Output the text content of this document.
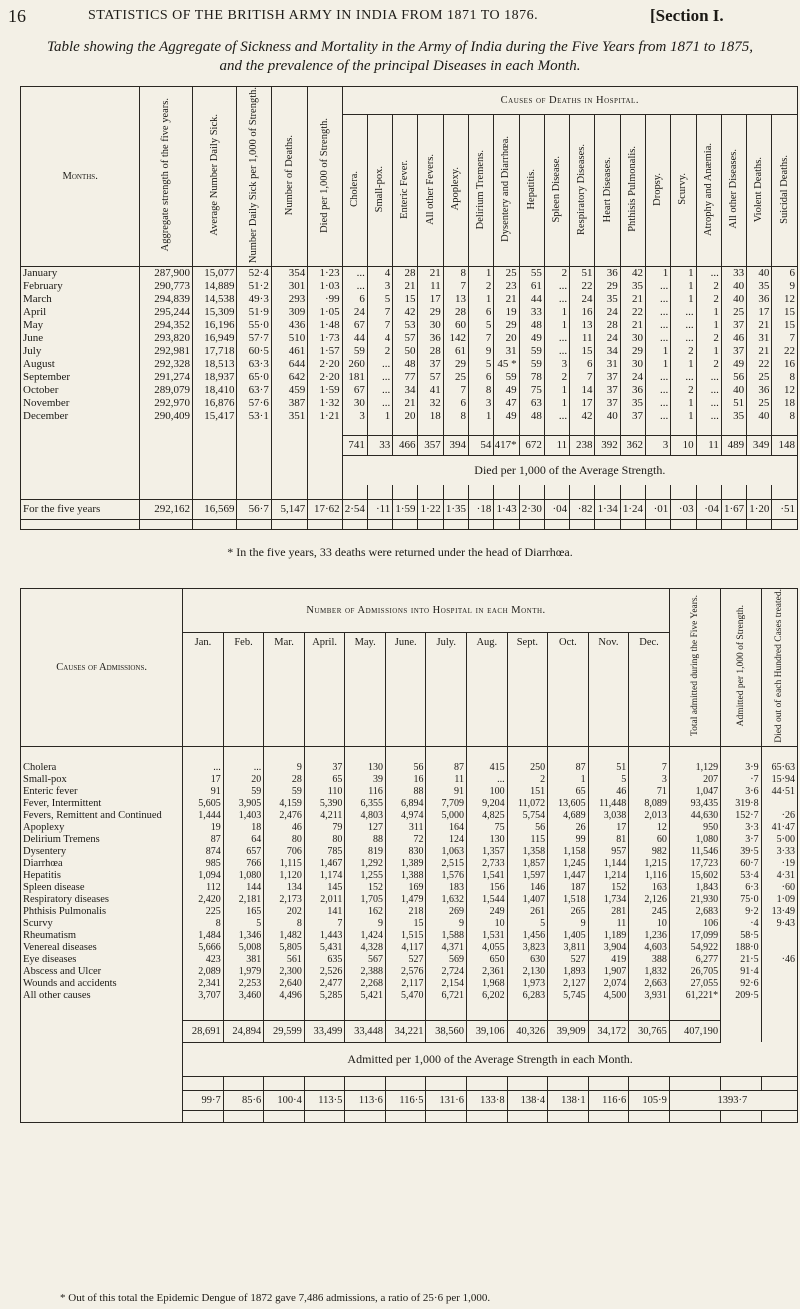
16	STATISTICS OF THE BRITISH ARMY IN INDIA FROM 1871 TO 1876.	[Section I.
Table showing the Aggregate of Sickness and Mortality in the Army of India during the Five Years from 1871 to 1875,
and the prevalence of the principal Diseases in each Month.
Months.	Aggregate strength of the five years.	Average Number Daily Sick.	Number Daily Sick per 1,000 of Strength.	Number of Deaths.	Died per 1,000 of Strength.	Causes of Deaths in Hospital.																	
						Cholera.	Small-pox.	Enteric Fever.	All other Fevers.	Apoplexy.	Delirium Tremens.	Dysentery and Diarrhœa.	Hepatitis.	Spleen Disease.	Respiratory Diseases.	Heart Diseases.	Phthisis Pulmonalis.	Dropsy.	Scurvy.	Atrophy and Anæmia.	All other Diseases.	Violent Deaths.	Suicidal Deaths.
January	287,900	15,077	52·4	354	1·23	...	4	28	21	8	1	25	55	2	51	36	42	1	1	...	33	40	6
February	290,773	14,889	51·2	301	1·03	...	3	21	11	7	2	23	61	...	22	29	35	...	1	2	40	35	9
March	294,839	14,538	49·3	293	·99	6	5	15	17	13	1	21	44	...	24	35	21	...	1	2	40	36	12
April	295,244	15,309	51·9	309	1·05	24	7	42	29	28	6	19	33	1	16	24	22	...	...	1	25	17	15
May	294,352	16,196	55·0	436	1·48	67	7	53	30	60	5	29	48	1	13	28	21	...	...	1	37	21	15
June	293,820	16,949	57·7	510	1·73	44	4	57	36	142	7	20	49	...	11	24	30	...	...	2	46	31	7
July	292,981	17,718	60·5	461	1·57	59	2	50	28	61	9	31	59	...	15	34	29	1	2	1	37	21	22
August	292,328	18,513	63·3	644	2·20	260	...	48	37	29	5	45 *	59	3	6	31	30	1	1	2	49	22	16
September	291,274	18,937	65·0	642	2·20	181	...	77	57	25	6	59	78	2	7	37	24	...	...	...	56	25	8
October	289,079	18,410	63·7	459	1·59	67	...	34	41	7	8	49	75	1	14	37	36	...	2	...	40	36	12
November	292,970	16,876	57·6	387	1·32	30	...	21	32	6	3	47	63	1	17	37	35	...	1	...	51	25	18
December	290,409	15,417	53·1	351	1·21	3	1	20	18	8	1	49	48	...	42	40	37	...	1	...	35	40	8

						741	33	466	357	394	54	417*	672	11	238	392	362	3	10	11	489	349	148
						Died per 1,000 of the Average Strength.																	

For the five years	292,162	16,569	56·7	5,147	17·62	2·54	·11	1·59	1·22	1·35	·18	1·43	2·30	·04	·82	1·34	1·24	·01	·03	·04	1·67	1·20	·51

* In the five years, 33 deaths were returned under the head of Diarrhœa.
Causes of Admissions.	Number of Admissions into Hospital in each Month.												Total admitted during the Five Years.	Admitted per 1,000 of Strength.	Died out of each Hundred Cases treated.
	Jan.	Feb.	Mar.	April.	May.	June.	July.	Aug.	Sept.	Oct.	Nov.	Dec.			

Cholera	...	...	9	37	130	56	87	415	250	87	51	7	1,129	3·9	65·63
Small-pox	17	20	28	65	39	16	11	...	2	1	5	3	207	·7	15·94
Enteric fever	91	59	59	110	116	88	91	100	151	65	46	71	1,047	3·6	44·51
Fever, Intermittent	5,605	3,905	4,159	5,390	6,355	6,894	7,709	9,204	11,072	13,605	11,448	8,089	93,435	319·8	
Fevers, Remittent and Continued	1,444	1,403	2,476	4,211	4,803	4,974	5,000	4,825	5,754	4,689	3,038	2,013	44,630	152·7	·26
Apoplexy	19	18	46	79	127	311	164	75	56	26	17	12	950	3·3	41·47
Delirium Tremens	87	64	80	80	88	72	124	130	115	99	81	60	1,080	3·7	5·00
Dysentery	874	657	706	785	819	830	1,063	1,357	1,358	1,158	957	982	11,546	39·5	3·33
Diarrhœa	985	766	1,115	1,467	1,292	1,389	2,515	2,733	1,857	1,245	1,144	1,215	17,723	60·7	·19
Hepatitis	1,094	1,080	1,120	1,174	1,255	1,388	1,576	1,541	1,597	1,447	1,214	1,116	15,602	53·4	4·31
Spleen disease	112	144	134	145	152	169	183	156	146	187	152	163	1,843	6·3	·60
Respiratory diseases	2,420	2,181	2,173	2,011	1,705	1,479	1,632	1,544	1,407	1,518	1,734	2,126	21,930	75·0	1·09
Phthisis Pulmonalis	225	165	202	141	162	218	269	249	261	265	281	245	2,683	9·2	13·49
Scurvy	8	5	8	7	9	15	9	10	5	9	11	10	106	·4	9·43
Rheumatism	1,484	1,346	1,482	1,443	1,424	1,515	1,588	1,531	1,456	1,405	1,189	1,236	17,099	58·5	
Venereal diseases	5,666	5,008	5,805	5,431	4,328	4,117	4,371	4,055	3,823	3,811	3,904	4,603	54,922	188·0	
Eye diseases	423	381	561	635	567	527	569	650	630	527	419	388	6,277	21·5	·46
Abscess and Ulcer	2,089	1,979	2,300	2,526	2,388	2,576	2,724	2,361	2,130	1,893	1,907	1,832	26,705	91·4	
Wounds and accidents	2,341	2,253	2,640	2,477	2,268	2,117	2,154	1,968	1,973	2,127	2,074	2,663	27,055	92·6	
All other causes	3,707	3,460	4,496	5,285	5,421	5,470	6,721	6,202	6,283	5,745	4,500	3,931	61,221*	209·5	

	28,691	24,894	29,599	33,499	33,448	34,221	38,560	39,106	40,326	39,909	34,172	30,765	407,190		
	Admitted per 1,000 of the Average Strength in each Month.														

	99·7	85·6	100·4	113·5	113·6	116·5	131·6	133·8	138·4	138·1	116·6	105·9	1393·7		

* Out of this total the Epidemic Dengue of 1872 gave 7,486 admissions, a ratio of 25·6 per 1,000.
